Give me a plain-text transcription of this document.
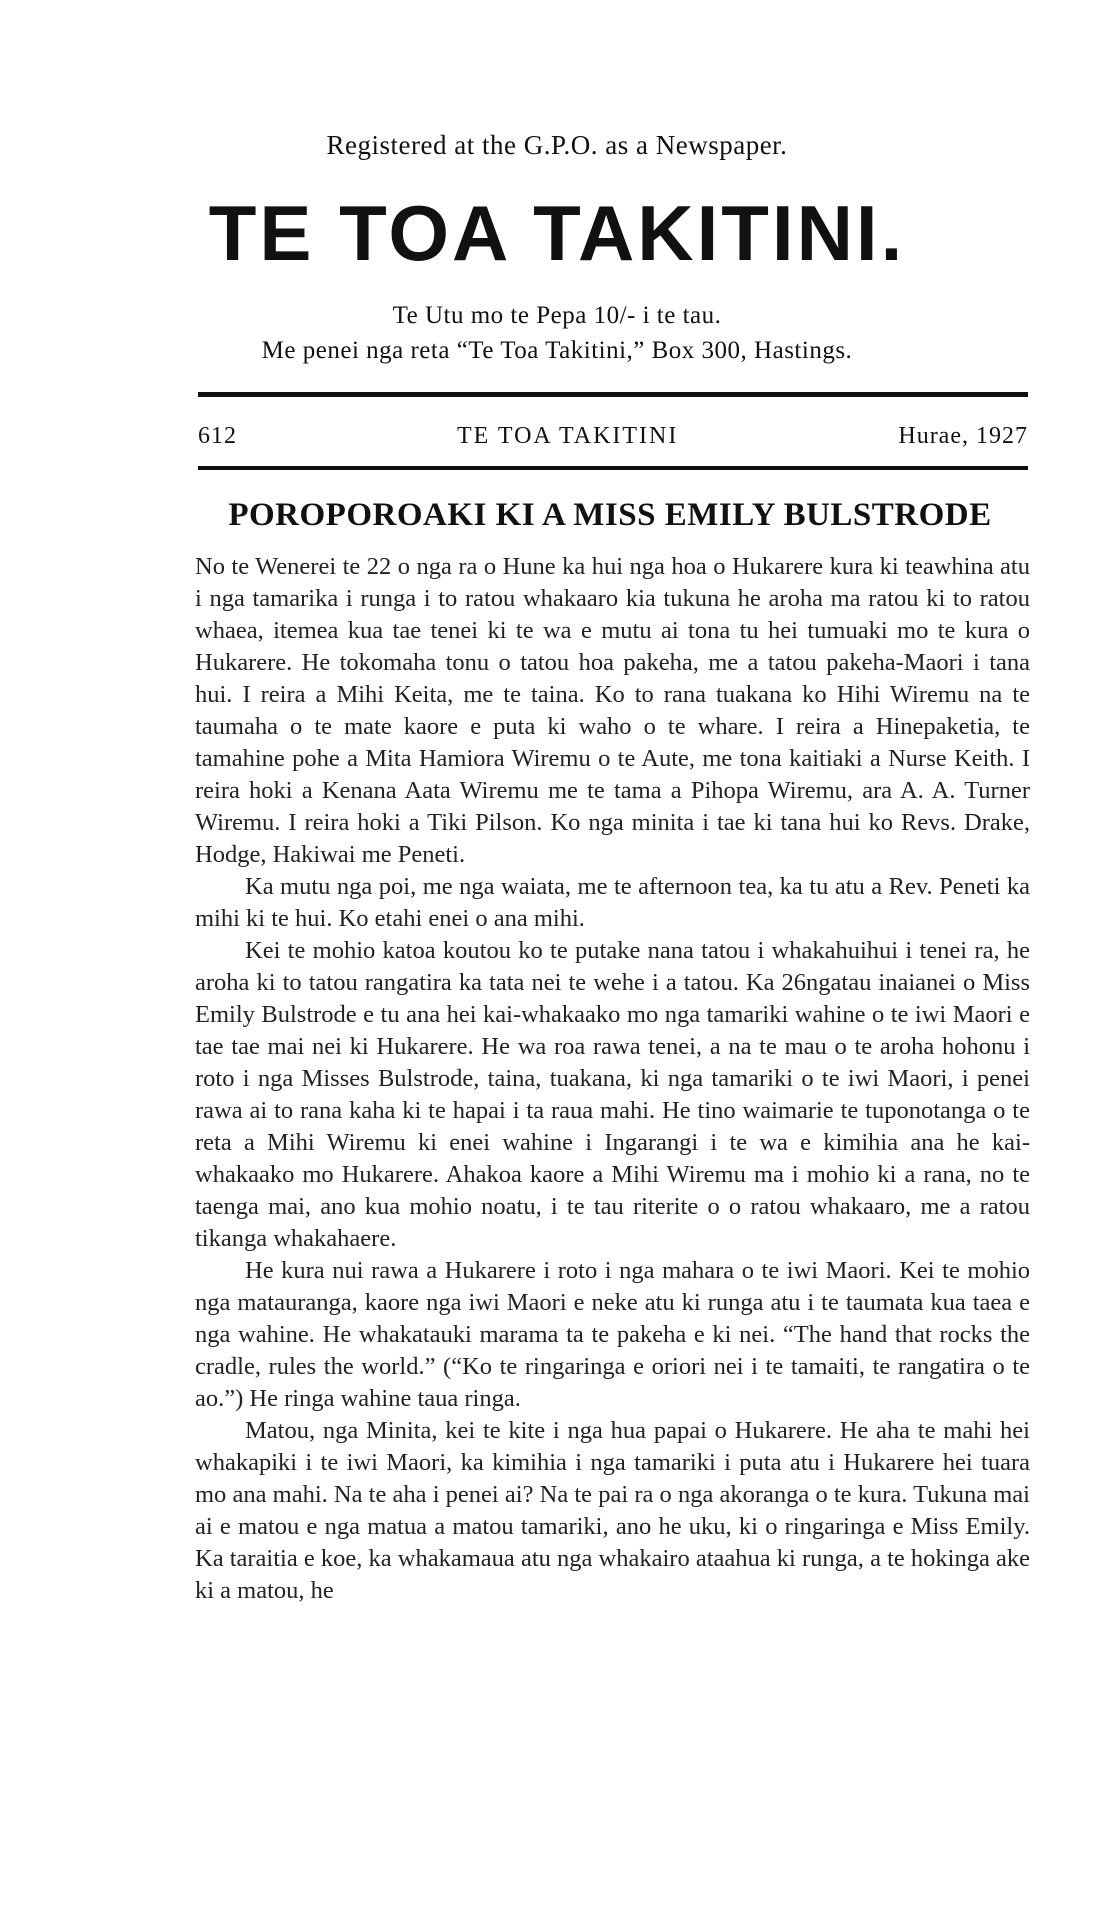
Registered at the G.P.O. as a Newspaper.
TE TOA TAKITINI.
Te Utu mo te Pepa 10/- i te tau.
Me penei nga reta “Te Toa Takitini,” Box 300, Hastings.
612	TE TOA TAKITINI	Hurae, 1927
POROPOROAKI KI A MISS EMILY BULSTRODE

No te Wenerei te 22 o nga ra o Hune ka hui nga hoa o Hukarere kura ki teawhina atu i nga tamarika i runga i to ratou whakaaro kia tukuna he aroha ma ratou ki to ratou whaea, itemea kua tae tenei ki te wa e mutu ai tona tu hei tumuaki mo te kura o Hukarere. He tokomaha tonu o tatou hoa pakeha, me a tatou pakeha-Maori i tana hui. I reira a Mihi Keita, me te taina. Ko to rana tuakana ko Hihi Wiremu na te taumaha o te mate kaore e puta ki waho o te whare. I reira a Hinepaketia, te tamahine pohe a Mita Hamiora Wiremu o te Aute, me tona kaitiaki a Nurse Keith. I reira hoki a Kenana Aata Wiremu me te tama a Pihopa Wiremu, ara A. A. Turner Wiremu. I reira hoki a Tiki Pilson. Ko nga minita i tae ki tana hui ko Revs. Drake, Hodge, Hakiwai me Peneti.

Ka mutu nga poi, me nga waiata, me te afternoon tea, ka tu atu a Rev. Peneti ka mihi ki te hui. Ko etahi enei o ana mihi.

Kei te mohio katoa koutou ko te putake nana tatou i whakahuihui i tenei ra, he aroha ki to tatou rangatira ka tata nei te wehe i a tatou. Ka 26ngatau inaianei o Miss Emily Bulstrode e tu ana hei kai-whakaako mo nga tamariki wahine o te iwi Maori e tae tae mai nei ki Hukarere. He wa roa rawa tenei, a na te mau o te aroha hohonu i roto i nga Misses Bulstrode, taina, tuakana, ki nga tamariki o te iwi Maori, i penei rawa ai to rana kaha ki te hapai i ta raua mahi. He tino waimarie te tuponotanga o te reta a Mihi Wiremu ki enei wahine i Ingarangi i te wa e kimihia ana he kai-whakaako mo Hukarere. Ahakoa kaore a Mihi Wiremu ma i mohio ki a rana, no te taenga mai, ano kua mohio noatu, i te tau riterite o o ratou whakaaro, me a ratou tikanga whakahaere.

He kura nui rawa a Hukarere i roto i nga mahara o te iwi Maori. Kei te mohio nga matauranga, kaore nga iwi Maori e neke atu ki runga atu i te taumata kua taea e nga wahine. He whakatauki marama ta te pakeha e ki nei. “The hand that rocks the cradle, rules the world.” (“Ko te ringaringa e oriori nei i te tamaiti, te rangatira o te ao.”) He ringa wahine taua ringa.

Matou, nga Minita, kei te kite i nga hua papai o Hukarere. He aha te mahi hei whakapiki i te iwi Maori, ka kimihia i nga tamariki i puta atu i Hukarere hei tuara mo ana mahi. Na te aha i penei ai? Na te pai ra o nga akoranga o te kura. Tukuna mai ai e matou e nga matua a matou tamariki, ano he uku, ki o ringaringa e Miss Emily. Ka taraitia e koe, ka whakamaua atu nga whakairo ataahua ki runga, a te hokinga ake ki a matou, he
